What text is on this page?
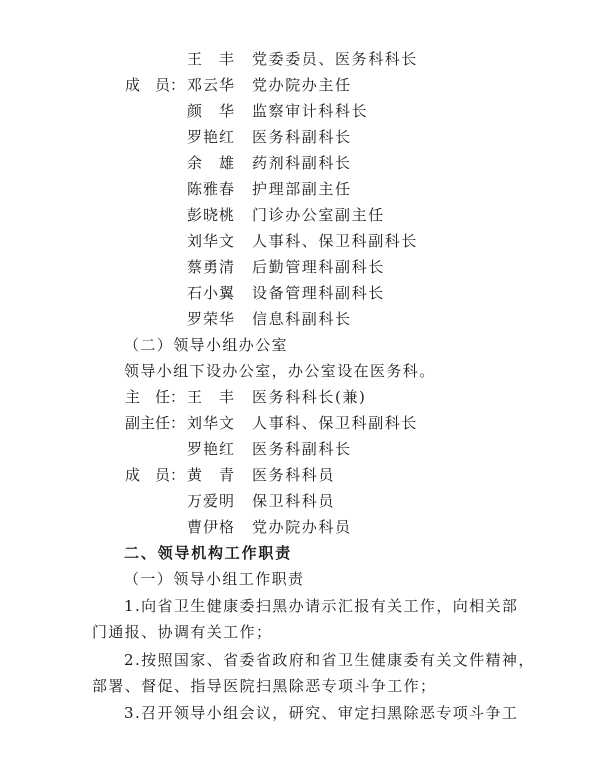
王　丰	党委委员、医务科科长
成　员： 邓云华	党办院办主任
颜　华	监察审计科科长
罗艳红	医务科副科长
余　雄	药剂科副科长
陈雅春	护理部副主任
彭晓桃	门诊办公室副主任
刘华文	人事科、保卫科副科长
蔡勇清	后勤管理科副科长
石小翼	设备管理科副科长
罗荣华	信息科副科长
（二）领导小组办公室
领导小组下设办公室，办公室设在医务科。
主　任： 王　丰	医务科科长(兼)
副主任： 刘华文	人事科、保卫科副科长
罗艳红	医务科副科长
成　员： 黄　青	医务科科员
万爱明	保卫科科员
曹伊格	党办院办科员
二、领导机构工作职责
（一）领导小组工作职责
1.向省卫生健康委扫黑办请示汇报有关工作，向相关部
门通报、协调有关工作；
2.按照国家、省委省政府和省卫生健康委有关文件精神，
部署、督促、指导医院扫黑除恶专项斗争工作；
3.召开领导小组会议，研究、审定扫黑除恶专项斗争工
